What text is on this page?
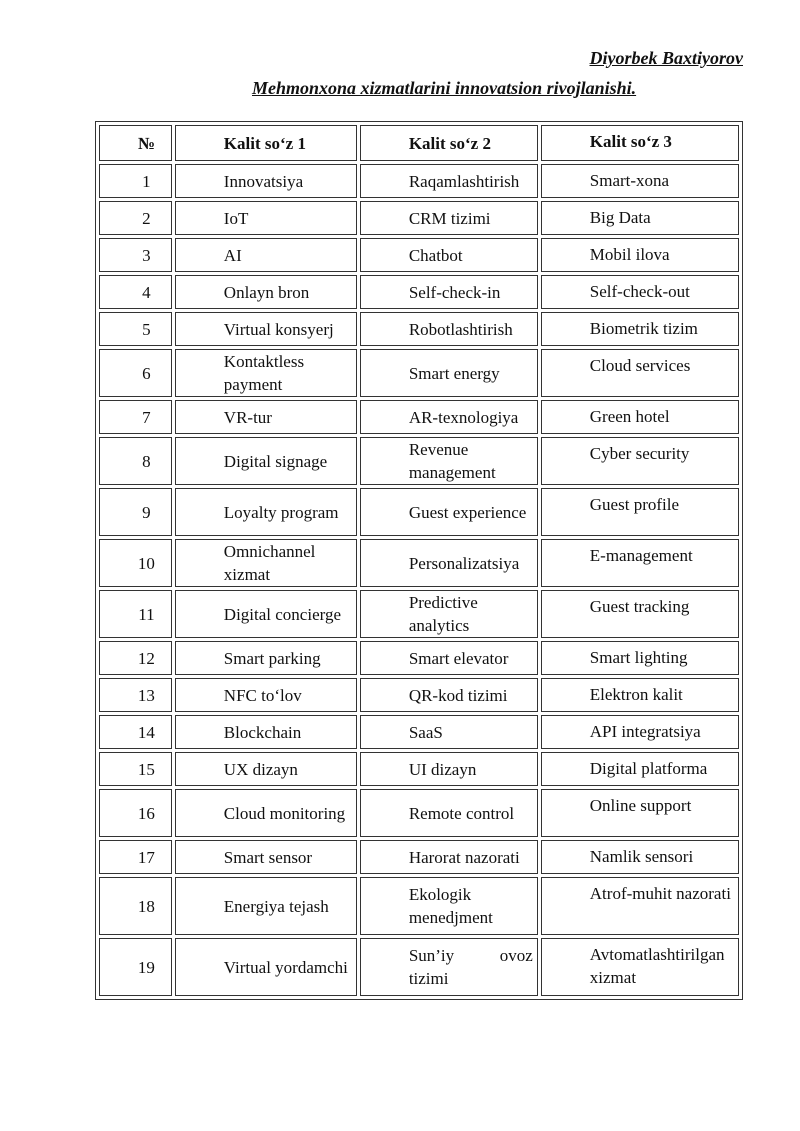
Diyorbek Baxtiyorov
Mehmonxona xizmatlarini innovatsion rivojlanishi.
№	Kalit so‘z 1	Kalit so‘z 2	Kalit so‘z 3
1	Innovatsiya	Raqamlashtirish	Smart-xona
2	IoT	CRM tizimi	Big Data
3	AI	Chatbot	Mobil ilova
4	Onlayn bron	Self-check-in	Self-check-out
5	Virtual konsyerj	Robotlashtirish	Biometrik tizim
6	Kontaktless payment	Smart energy	Cloud services
7	VR-tur	AR-texnologiya	Green hotel
8	Digital signage	Revenue management	Cyber security
9	Loyalty program	Guest experience	Guest profile
10	Omnichannel xizmat	Personalizatsiya	E-management
11	Digital concierge	Predictive analytics	Guest tracking
12	Smart parking	Smart elevator	Smart lighting
13	NFC to‘lov	QR-kod tizimi	Elektron kalit
14	Blockchain	SaaS	API integratsiya
15	UX dizayn	UI dizayn	Digital platforma
16	Cloud monitoring	Remote control	Online support
17	Smart sensor	Harorat nazorati	Namlik sensori
18	Energiya tejash	Ekologik menedjment	Atrof-muhit nazorati
19	Virtual yordamchi	Sun’iy ovoz tizimi	Avtomatlashtirilgan xizmat
